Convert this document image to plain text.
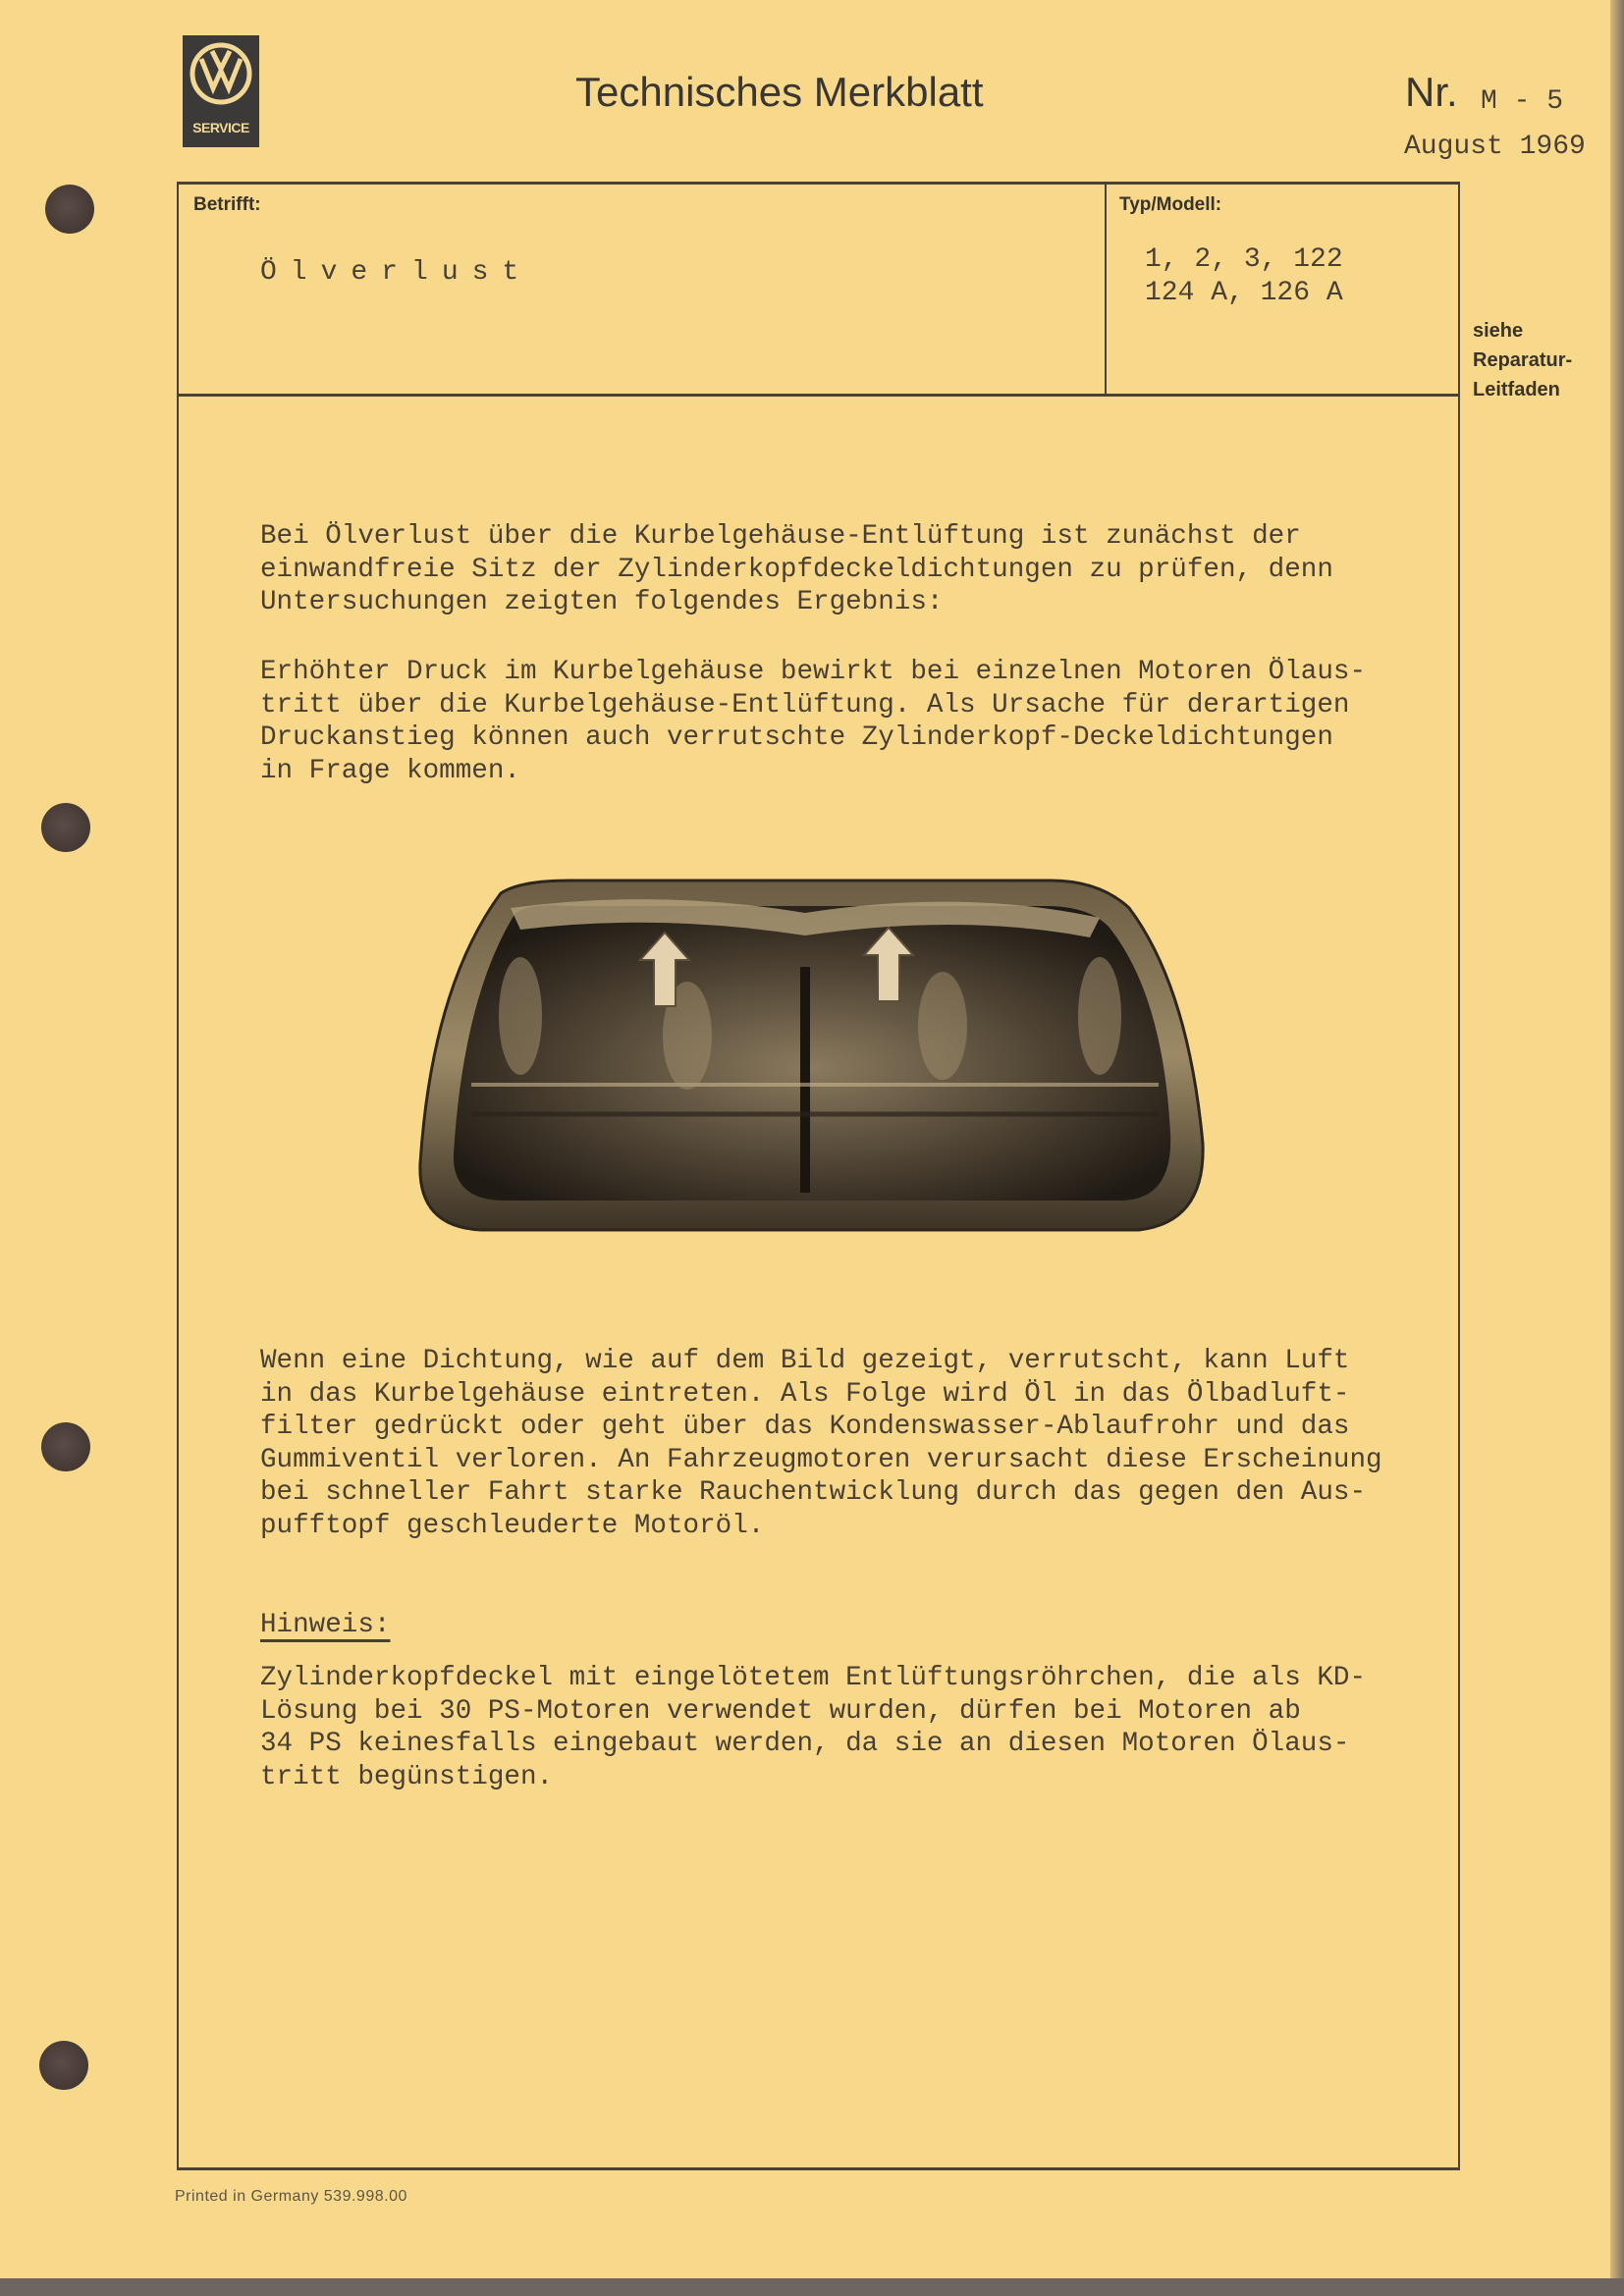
SERVICE
Technisches Merkblatt	Nr. M - 5
August 1969
Betrifft:
Ölverlust
Typ/Modell:
1, 2, 3, 122
124 A, 126 A
siehe
Reparatur-
Leitfaden
Bei Ölverlust über die Kurbelgehäuse-Entlüftung ist zunächst der
einwandfreie Sitz der Zylinderkopfdeckeldichtungen zu prüfen, denn
Untersuchungen zeigten folgendes Ergebnis:
Erhöhter Druck im Kurbelgehäuse bewirkt bei einzelnen Motoren Ölaus-
tritt über die Kurbelgehäuse-Entlüftung. Als Ursache für derartigen
Druckanstieg können auch verrutschte Zylinderkopf-Deckeldichtungen
in Frage kommen.
Wenn eine Dichtung, wie auf dem Bild gezeigt, verrutscht, kann Luft
in das Kurbelgehäuse eintreten. Als Folge wird Öl in das Ölbadluft-
filter gedrückt oder geht über das Kondenswasser-Ablaufrohr und das
Gummiventil verloren. An Fahrzeugmotoren verursacht diese Erscheinung
bei schneller Fahrt starke Rauchentwicklung durch das gegen den Aus-
pufftopf geschleuderte Motoröl.
Hinweis:
Zylinderkopfdeckel mit eingelötetem Entlüftungsröhrchen, die als KD-
Lösung bei 30 PS-Motoren verwendet wurden, dürfen bei Motoren ab
34 PS keinesfalls eingebaut werden, da sie an diesen Motoren Ölaus-
tritt begünstigen.
Printed in Germany 539.998.00
